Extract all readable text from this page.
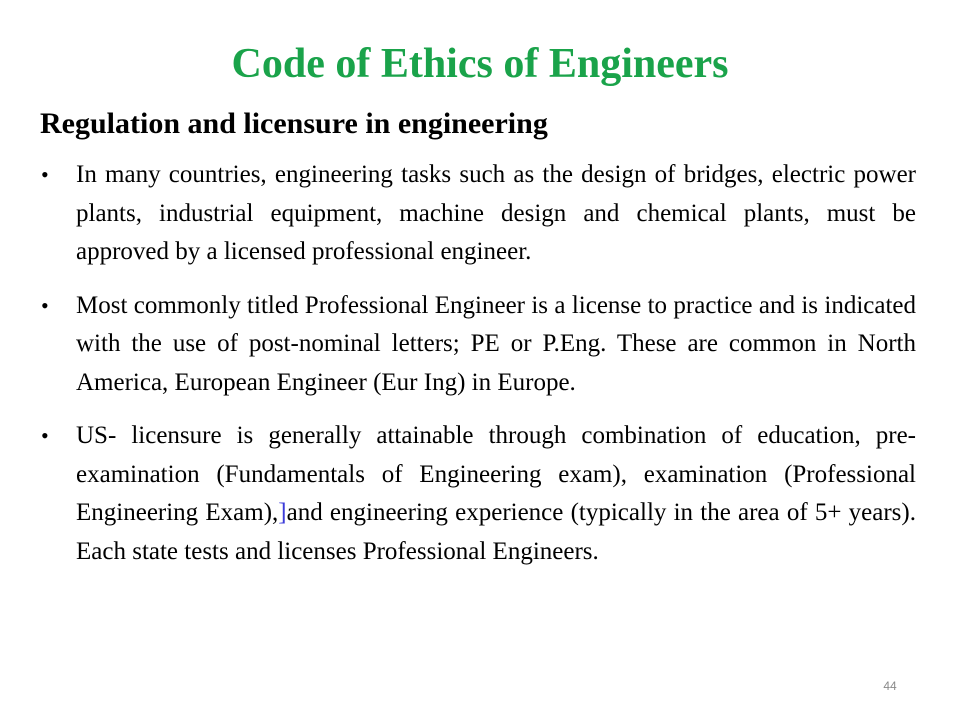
Code of Ethics of Engineers
Regulation and licensure in engineering
• In many countries, engineering tasks such as the design of bridges, electric power plants, industrial equipment, machine design and chemical plants, must be approved by a licensed professional engineer.
• Most commonly titled Professional Engineer is a license to practice and is indicated with the use of post-nominal letters; PE or P.Eng. These are common in North America, European Engineer (Eur Ing) in Europe.
• US- licensure is generally attainable through combination of education, pre-examination (Fundamentals of Engineering exam), examination (Professional Engineering Exam),]and engineering experience (typically in the area of 5+ years). Each state tests and licenses Professional Engineers.
44
